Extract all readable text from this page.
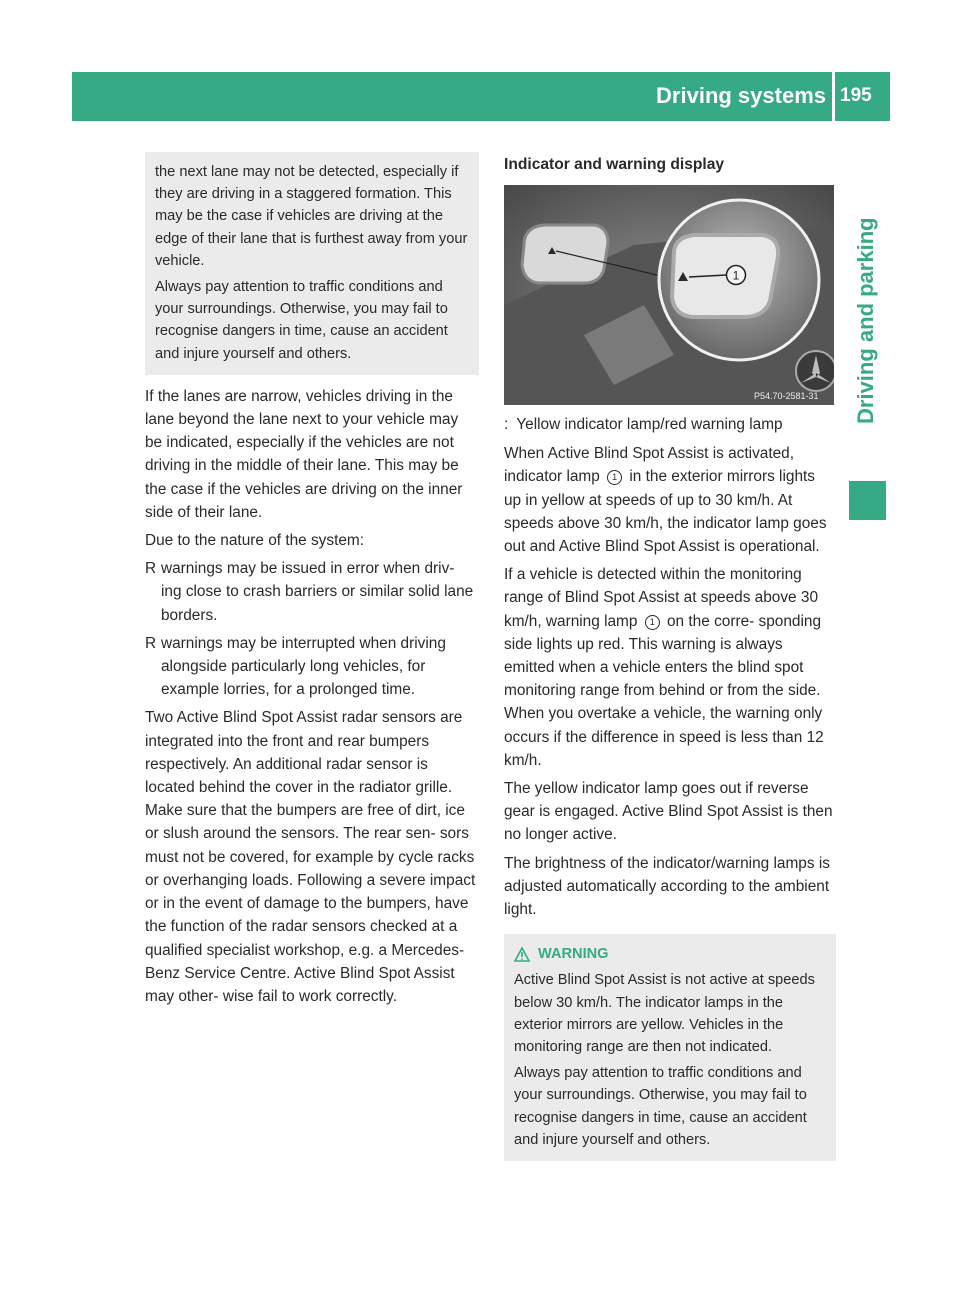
Driving systems 195
Driving and parking

the next lane may not be detected, especially if they are driving in a staggered formation. This may be the case if vehicles are driving at the edge of their lane that is furthest away from your vehicle.

Always pay attention to traffic conditions and your surroundings. Otherwise, you may fail to recognise dangers in time, cause an accident and injure yourself and others.

If the lanes are narrow, vehicles driving in the lane beyond the lane next to your vehicle may be indicated, especially if the vehicles are not driving in the middle of their lane. This may be the case if the vehicles are driving on the inner side of their lane.

Due to the nature of the system:

R warnings may be issued in error when driv- ing close to crash barriers or similar solid lane borders.
R warnings may be interrupted when driving alongside particularly long vehicles, for example lorries, for a prolonged time.

Two Active Blind Spot Assist radar sensors are integrated into the front and rear bumpers respectively. An additional radar sensor is located behind the cover in the radiator grille. Make sure that the bumpers are free of dirt, ice or slush around the sensors. The rear sen- sors must not be covered, for example by cycle racks or overhanging loads. Following a severe impact or in the event of damage to the bumpers, have the function of the radar sensors checked at a qualified specialist workshop, e.g. a Mercedes-Benz Service Centre. Active Blind Spot Assist may other- wise fail to work correctly.

Indicator and warning display
1
P54.70-2581-31
: Yellow indicator lamp/red warning lamp

When Active Blind Spot Assist is activated, indicator lamp 1 in the exterior mirrors lights up in yellow at speeds of up to 30 km/h. At speeds above 30 km/h, the indicator lamp goes out and Active Blind Spot Assist is operational.

If a vehicle is detected within the monitoring range of Blind Spot Assist at speeds above 30 km/h, warning lamp 1 on the corre- sponding side lights up red. This warning is always emitted when a vehicle enters the blind spot monitoring range from behind or from the side. When you overtake a vehicle, the warning only occurs if the difference in speed is less than 12 km/h.

The yellow indicator lamp goes out if reverse gear is engaged. Active Blind Spot Assist is then no longer active.

The brightness of the indicator/warning lamps is adjusted automatically according to the ambient light.

WARNING

Active Blind Spot Assist is not active at speeds below 30 km/h. The indicator lamps in the exterior mirrors are yellow. Vehicles in the monitoring range are then not indicated.

Always pay attention to traffic conditions and your surroundings. Otherwise, you may fail to recognise dangers in time, cause an accident and injure yourself and others.
